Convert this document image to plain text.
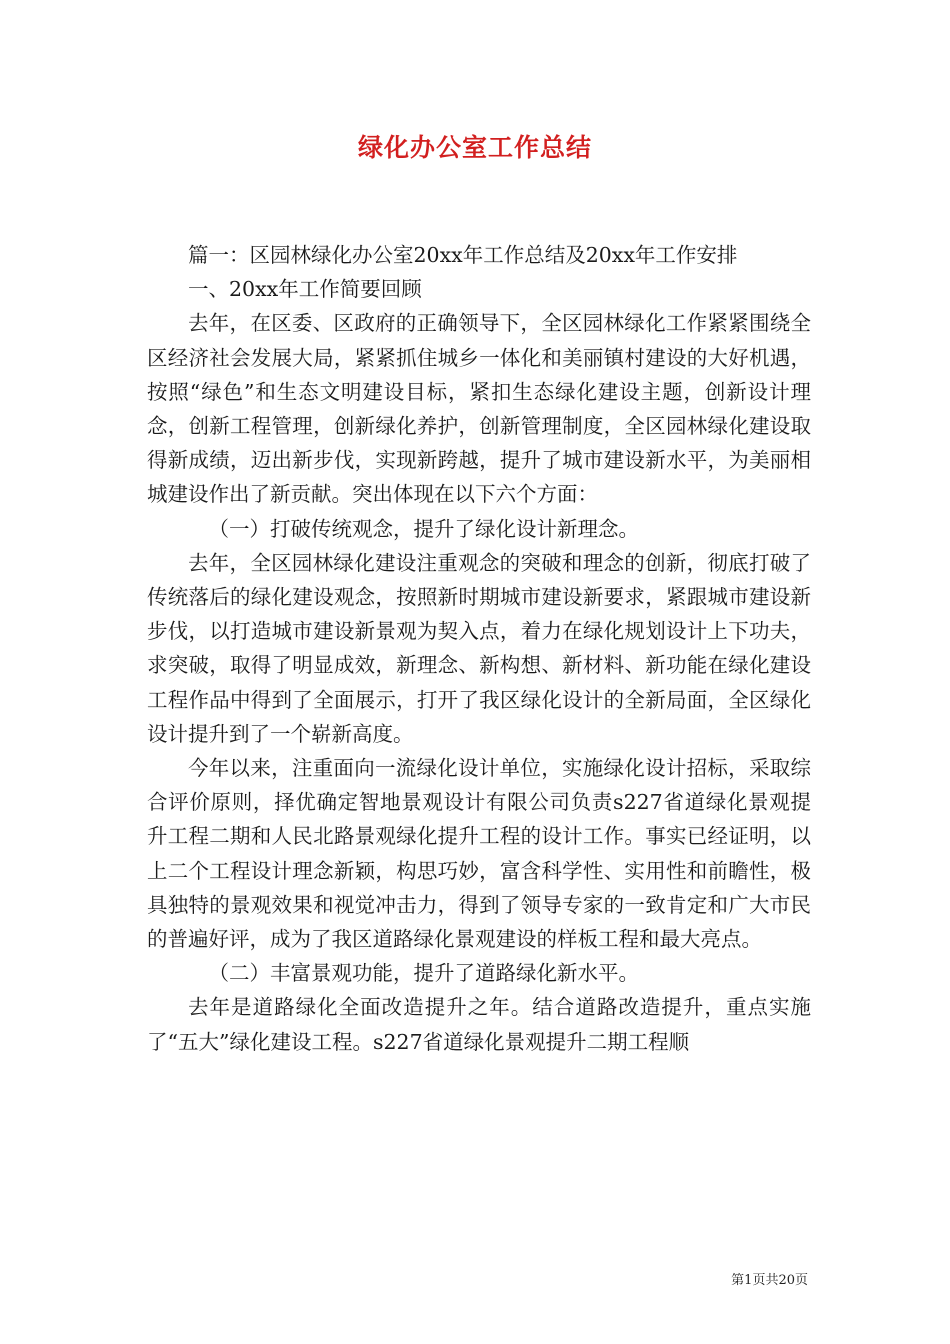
绿化办公室工作总结

篇一：区园林绿化办公室20xx年工作总结及20xx年工作安排

一、20xx年工作简要回顾

去年，在区委、区政府的正确领导下，全区园林绿化工作紧紧围绕全区经济社会发展大局，紧紧抓住城乡一体化和美丽镇村建设的大好机遇，按照“绿色”和生态文明建设目标，紧扣生态绿化建设主题，创新设计理念，创新工程管理，创新绿化养护，创新管理制度，全区园林绿化建设取得新成绩，迈出新步伐，实现新跨越，提升了城市建设新水平，为美丽相城建设作出了新贡献。突出体现在以下六个方面：

（一）打破传统观念，提升了绿化设计新理念。

去年，全区园林绿化建设注重观念的突破和理念的创新，彻底打破了传统落后的绿化建设观念，按照新时期城市建设新要求，紧跟城市建设新步伐，以打造城市建设新景观为契入点，着力在绿化规划设计上下功夫，求突破，取得了明显成效，新理念、新构想、新材料、新功能在绿化建设工程作品中得到了全面展示，打开了我区绿化设计的全新局面，全区绿化设计提升到了一个崭新高度。

今年以来，注重面向一流绿化设计单位，实施绿化设计招标，采取综合评价原则，择优确定智地景观设计有限公司负责s227省道绿化景观提升工程二期和人民北路景观绿化提升工程的设计工作。事实已经证明，以上二个工程设计理念新颖，构思巧妙，富含科学性、实用性和前瞻性，极具独特的景观效果和视觉冲击力，得到了领导专家的一致肯定和广大市民的普遍好评，成为了我区道路绿化景观建设的样板工程和最大亮点。

（二）丰富景观功能，提升了道路绿化新水平。

去年是道路绿化全面改造提升之年。结合道路改造提升，重点实施了“五大”绿化建设工程。s227省道绿化景观提升二期工程顺

第1页共20页
